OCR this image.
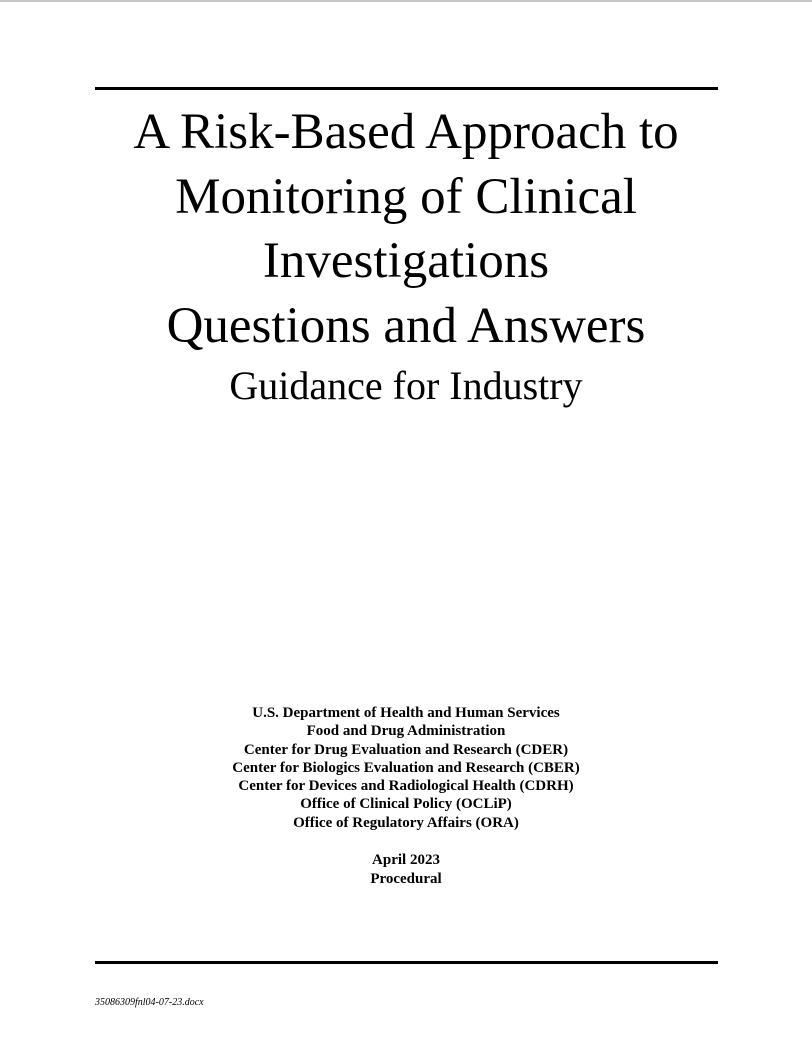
A Risk-Based Approach to
Monitoring of Clinical
Investigations
Questions and Answers
Guidance for Industry
U.S. Department of Health and Human Services
Food and Drug Administration
Center for Drug Evaluation and Research (CDER)
Center for Biologics Evaluation and Research (CBER)
Center for Devices and Radiological Health (CDRH)
Office of Clinical Policy (OCLiP)
Office of Regulatory Affairs (ORA)
April 2023
Procedural
35086309fnl04-07-23.docx
